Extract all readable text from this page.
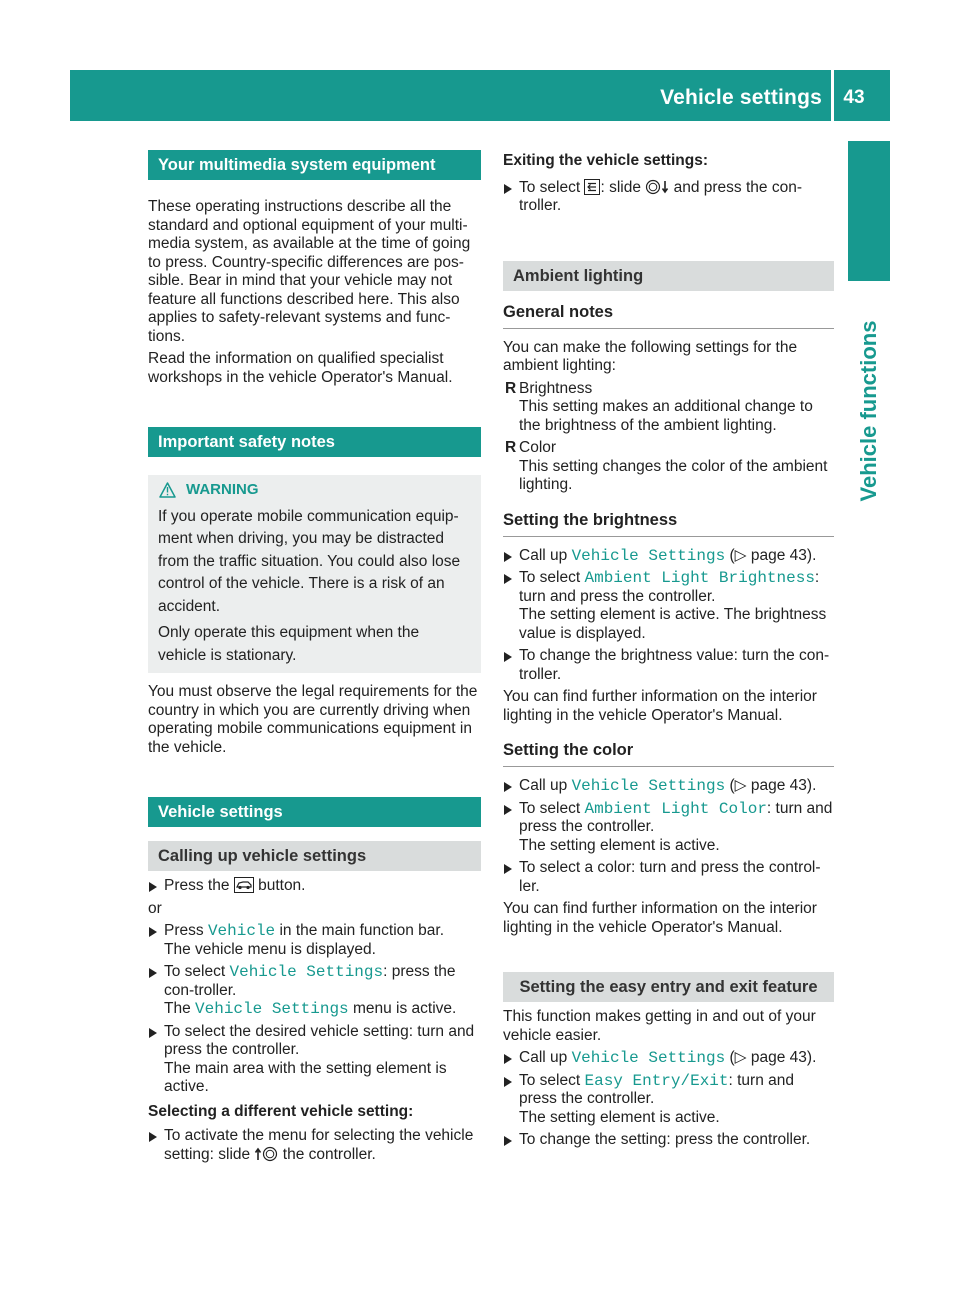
Vehicle settings	43
Vehicle functions
Your multimedia system equipment

These operating instructions describe all the standard and optional equipment of your multi-media system, as available at the time of going to press. Country-specific differences are pos-sible. Bear in mind that your vehicle may not feature all functions described here. This also applies to safety-relevant systems and func-tions.

Read the information on qualified specialist workshops in the vehicle Operator's Manual.

Important safety notes
WARNING

If you operate mobile communication equip-ment when driving, you may be distracted from the traffic situation. You could also lose control of the vehicle. There is a risk of an accident.

Only operate this equipment when the vehicle is stationary.

You must observe the legal requirements for the country in which you are currently driving when operating mobile communications equipment in the vehicle.

Vehicle settings
Calling up vehicle settings
Press the  button.

or

Press Vehicle in the main function bar.
The vehicle menu is displayed.
To select Vehicle Settings: press the con-troller.
The Vehicle Settings menu is active.
To select the desired vehicle setting: turn and press the controller.
The main area with the setting element is active.

Selecting a different vehicle setting:

To activate the menu for selecting the vehicle setting: slide  the controller.

Exiting the vehicle settings:

To select : slide  and press the con-troller.
Ambient lighting
General notes

You can make the following settings for the ambient lighting:

R Brightness
This setting makes an additional change to the brightness of the ambient lighting.
R Color
This setting changes the color of the ambient lighting.
Setting the brightness
Call up Vehicle Settings (▷ page 43).
To select Ambient Light Brightness: turn and press the controller.
The setting element is active. The brightness value is displayed.
To change the brightness value: turn the con-troller.

You can find further information on the interior lighting in the vehicle Operator's Manual.

Setting the color
Call up Vehicle Settings (▷ page 43).
To select Ambient Light Color: turn and press the controller.
The setting element is active.
To select a color: turn and press the control-ler.

You can find further information on the interior lighting in the vehicle Operator's Manual.

Setting the easy entry and exit feature

This function makes getting in and out of your vehicle easier.

Call up Vehicle Settings (▷ page 43).
To select Easy Entry/Exit: turn and press the controller.
The setting element is active.
To change the setting: press the controller.
